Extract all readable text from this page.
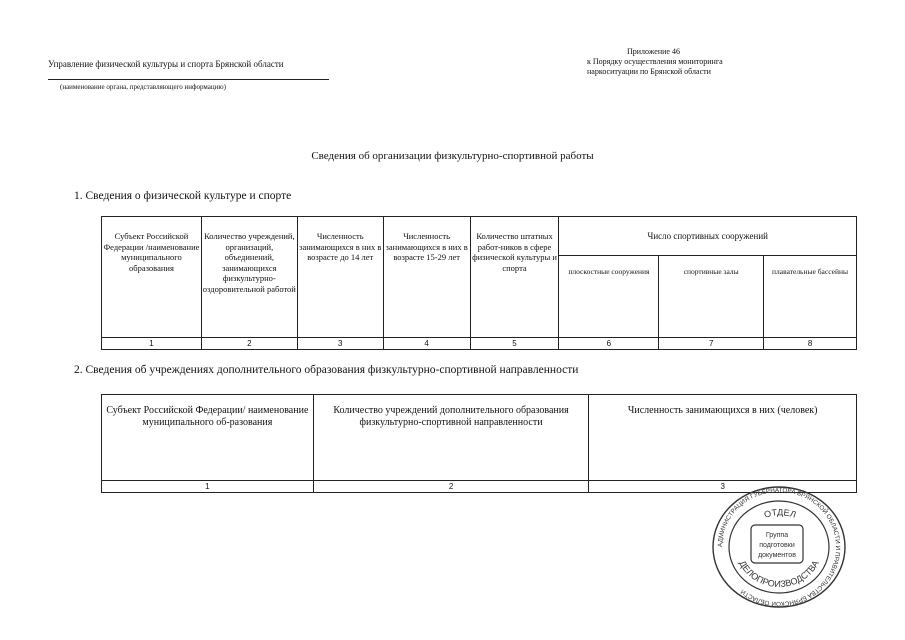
Управление физической культуры и спорта Брянской области
(наименование органа, представляющего информацию)
Приложение 46
к Порядку осуществления мониторинга
наркоситуации по Брянской области
Сведения об организации физкультурно-спортивной работы
1. Сведения о физической культуре и спорте
Субъект Российской Федерации /наименование муниципального образования	Количество учреждений, организаций, объединений, занимающихся физкультурно-оздоровительной работой	Численность занимающихся в них в возрасте до 14 лет	Численность занимающихся в них в возрасте 15-29 лет	Количество штатных работ-ников в сфере физической культуры и спорта	Число спортивных сооружений		
					плоскостные сооружения	спортивные залы	плавательные бассейны
1	2	3	4	5	6	7	8
2. Сведения об учреждениях дополнительного образования физкультурно-спортивной направленности
Субъект Российской Федерации/ наименование муниципального об-разования	Количество учреждений дополнительного образования физкультурно-спортивной направленности	Численность занимающихся в них (человек)
1	2	3
АДМИНИСТРАЦИЯ ГУБЕРНАТОРА БРЯНСКОЙ ОБЛАСТИ И ПРАВИТЕЛЬСТВА БРЯНСКОЙ ОБЛАСТИ
ОТДЕЛ
ДЕЛОПРОИЗВОДСТВА
Группа
подготовки
документов
